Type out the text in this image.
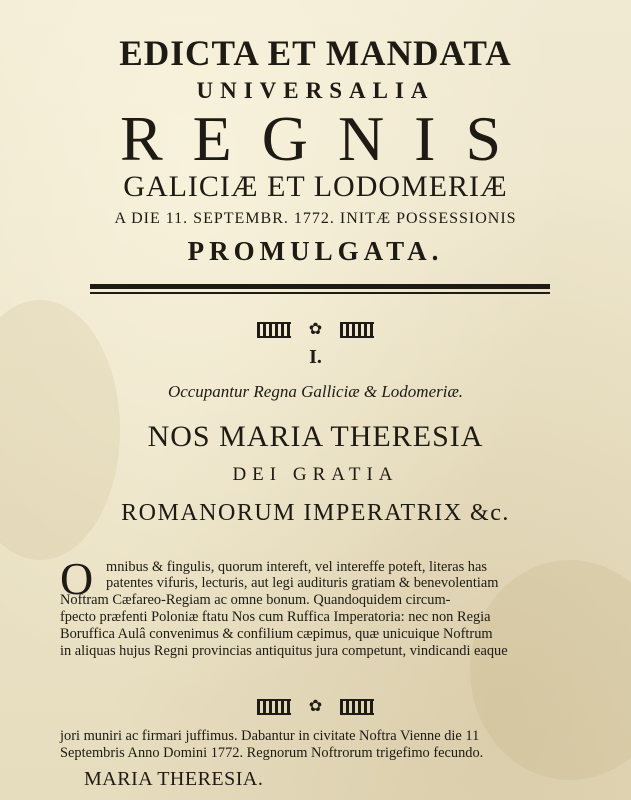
EDICTA ET MANDATA
UNIVERSALIA
REGNIS
GALICIÆ ET LODOMERIÆ
A DIE 11. SEPTEMBR. 1772. INITÆ POSSESSIONIS
PROMULGATA.
✿
I.
Occupantur Regna Galliciæ & Lodomeriæ.
NOS MARIA THERESIA
DEI GRATIA
ROMANORUM IMPERATRIX &c.
O mnibus & fingulis, quorum intereft, vel intereffe poteft, literas has
patentes vifuris, lecturis, aut legi audituris gratiam & benevolentiam
Noftram Cæfareo-Regiam ac omne bonum. Quandoquidem circum-
fpecto præfenti Poloniæ ftatu Nos cum Ruffica Imperatoria: nec non Regia
Boruffica Aulâ convenimus & confilium cæpimus, quæ unicuique Noftrum
in aliquas hujus Regni provincias antiquitus jura competunt, vindicandi eaque
✿
jori muniri ac firmari juffimus. Dabantur in civitate Noftra Vienne die 11
Septembris Anno Domini 1772. Regnorum Noftrorum trigefimo fecundo.
MARIA THERESIA.
